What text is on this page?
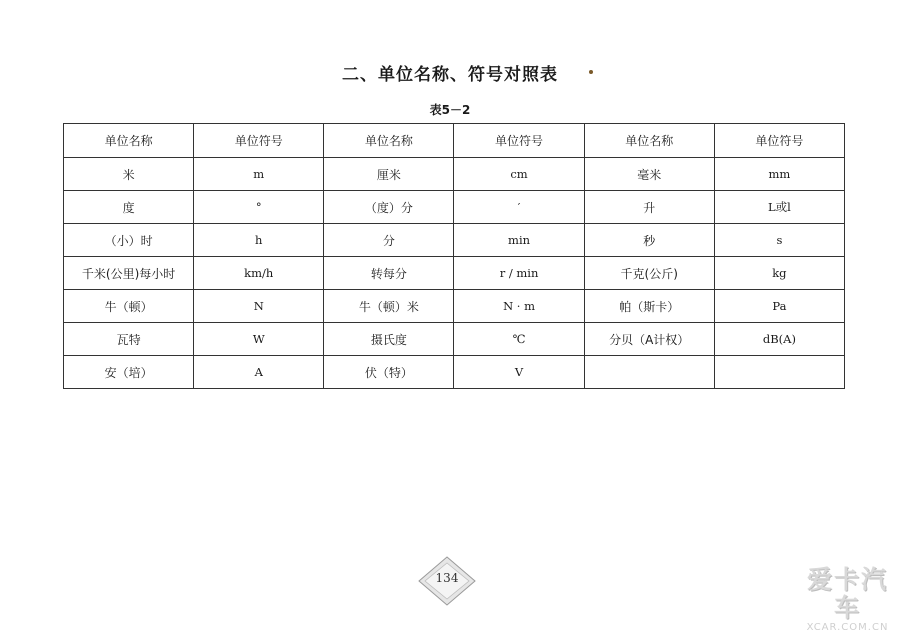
二、单位名称、符号对照表
表5－2
单位名称	单位符号	单位名称	单位符号	单位名称	单位符号
米	m	厘米	cm	毫米	mm
度	°	（度）分	′	升	L或l
（小）时	h	分	min	秒	s
千米(公里)每小时	km/h	转每分	r / min	千克(公斤)	kg
牛（顿）	N	牛（顿）米	N · m	帕（斯卡）	Pa
瓦特	W	摄氏度	℃	分贝（A计权）	dB(A)
安（培）	A	伏（特）	V		
134	爱卡汽车
XCAR.COM.CN
